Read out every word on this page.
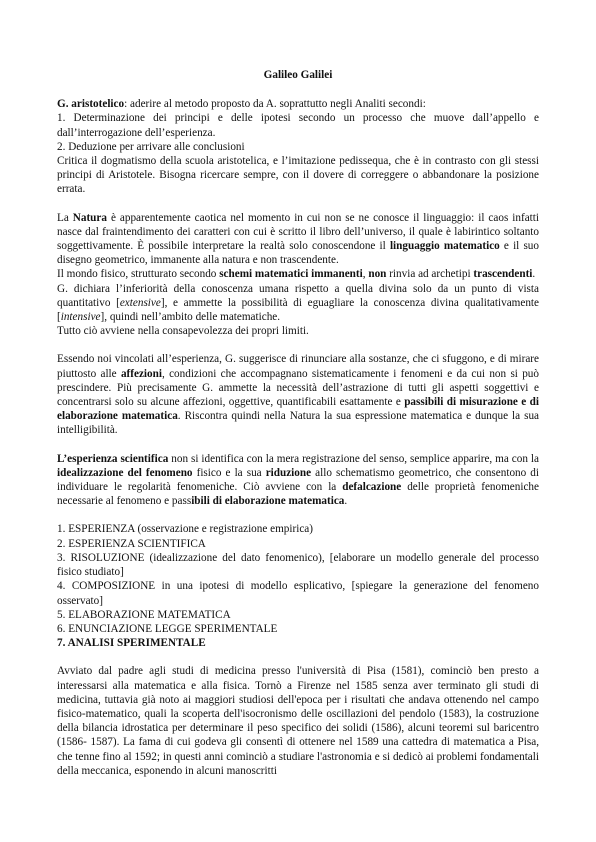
Galileo Galilei

G. aristotelico: aderire al metodo proposto da A. soprattutto negli Analiti secondi:

1. Determinazione dei principi e delle ipotesi secondo un processo che muove dall’appello e dall’interrogazione dell’esperienza.

2. Deduzione per arrivare alle conclusioni

Critica il dogmatismo della scuola aristotelica, e l’imitazione pedissequa, che è in contrasto con gli stessi principi di Aristotele. Bisogna ricercare sempre, con il dovere di correggere o abbandonare la posizione errata.

La Natura è apparentemente caotica nel momento in cui non se ne conosce il linguaggio: il caos infatti nasce dal fraintendimento dei caratteri con cui è scritto il libro dell’universo, il quale è labirintico soltanto soggettivamente. È possibile interpretare la realtà solo conoscendone il linguaggio matematico e il suo disegno geometrico, immanente alla natura e non trascendente.

Il mondo fisico, strutturato secondo schemi matematici immanenti, non rinvia ad archetipi trascendenti.

G. dichiara l’inferiorità della conoscenza umana rispetto a quella divina solo da un punto di vista quantitativo [extensive], e ammette la possibilità di eguagliare la conoscenza divina qualitativamente [intensive], quindi nell’ambito delle matematiche.

Tutto ciò avviene nella consapevolezza dei propri limiti.

Essendo noi vincolati all’esperienza, G. suggerisce di rinunciare alla sostanze, che ci sfuggono, e di mirare piuttosto alle affezioni, condizioni che accompagnano sistematicamente i fenomeni e da cui non si può prescindere. Più precisamente G. ammette la necessità dell’astrazione di tutti gli aspetti soggettivi e concentrarsi solo su alcune affezioni, oggettive, quantificabili esattamente e passibili di misurazione e di elaborazione matematica. Riscontra quindi nella Natura la sua espressione matematica e dunque la sua intelligibilità.

L’esperienza scientifica non si identifica con la mera registrazione del senso, semplice apparire, ma con la idealizzazione del fenomeno fisico e la sua riduzione allo schematismo geometrico, che consentono di individuare le regolarità fenomeniche. Ciò avviene con la defalcazione delle proprietà fenomeniche necessarie al fenomeno e passibili di elaborazione matematica.

1. ESPERIENZA (osservazione e registrazione empirica)

2. ESPERIENZA SCIENTIFICA

3. RISOLUZIONE (idealizzazione del dato fenomenico), [elaborare un modello generale del processo fisico studiato]

4. COMPOSIZIONE in una ipotesi di modello esplicativo, [spiegare la generazione del fenomeno osservato]

5. ELABORAZIONE MATEMATICA

6. ENUNCIAZIONE LEGGE SPERIMENTALE

7. ANALISI SPERIMENTALE

Avviato dal padre agli studi di medicina presso l'università di Pisa (1581), cominciò ben presto a interessarsi alla matematica e alla fisica. Tornò a Firenze nel 1585 senza aver terminato gli studi di medicina, tuttavia già noto ai maggiori studiosi dell'epoca per i risultati che andava ottenendo nel campo fisico-matematico, quali la scoperta dell'isocronismo delle oscillazioni del pendolo (1583), la costruzione della bilancia idrostatica per determinare il peso specifico dei solidi (1586), alcuni teoremi sul baricentro (1586- 1587). La fama di cui godeva gli consentì di ottenere nel 1589 una cattedra di matematica a Pisa, che tenne fino al 1592; in questi anni cominciò a studiare l'astronomia e si dedicò ai problemi fondamentali della meccanica, esponendo in alcuni manoscritti
